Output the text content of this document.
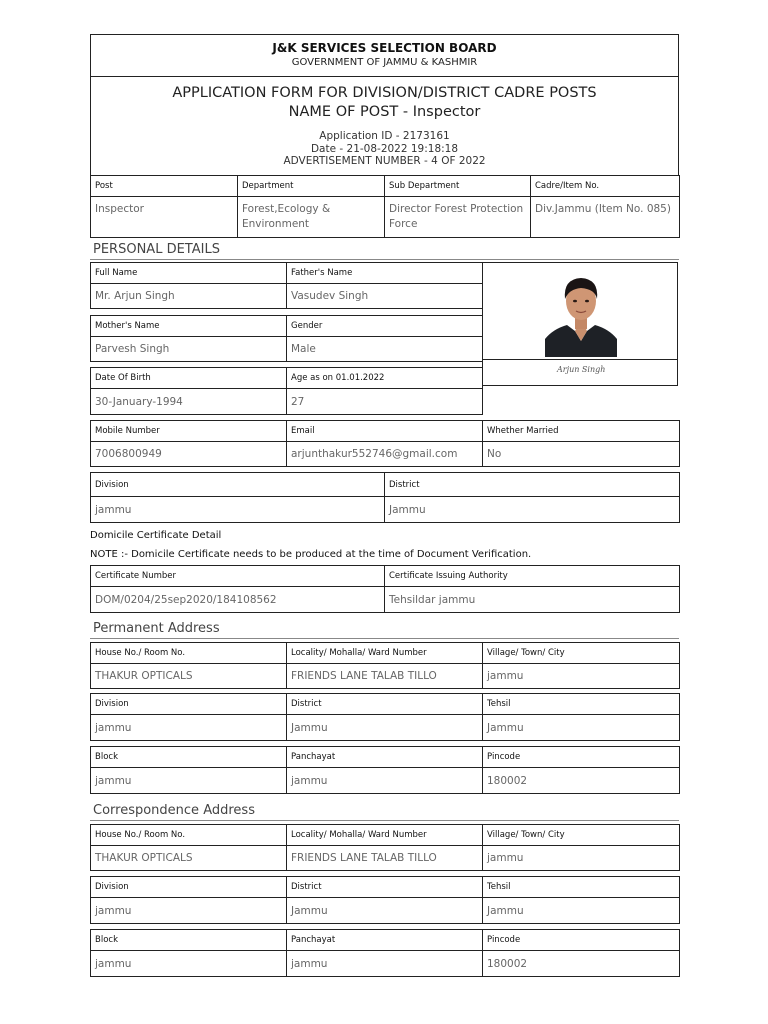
J&K SERVICES SELECTION BOARD
GOVERNMENT OF JAMMU & KASHMIR
APPLICATION FORM FOR DIVISION/DISTRICT CADRE POSTS
NAME OF POST - Inspector
Application ID - 2173161
Date - 21-08-2022 19:18:18
ADVERTISEMENT NUMBER - 4 OF 2022
Post	Department	Sub Department	Cadre/Item No.
Inspector	Forest,Ecology & Environment	Director Forest Protection Force	Div.Jammu (Item No. 085)
PERSONAL DETAILS
Full Name	Father's Name
Mr. Arjun Singh	Vasudev Singh
Mother's Name	Gender
Parvesh Singh	Male
Date Of Birth	Age as on 01.01.2022
30-January-1994	27
Arjun Singh
Mobile Number	Email	Whether Married
7006800949	arjunthakur552746@gmail.com	No
Division	District
jammu	Jammu
Domicile Certificate Detail
NOTE :- Domicile Certificate needs to be produced at the time of Document Verification.
Certificate Number	Certificate Issuing Authority
DOM/0204/25sep2020/184108562	Tehsildar jammu
Permanent Address
House No./ Room No.	Locality/ Mohalla/ Ward Number	Village/ Town/ City
THAKUR OPTICALS	FRIENDS LANE TALAB TILLO	jammu
Division	District	Tehsil
jammu	Jammu	Jammu
Block	Panchayat	Pincode
jammu	jammu	180002
Correspondence Address
House No./ Room No.	Locality/ Mohalla/ Ward Number	Village/ Town/ City
THAKUR OPTICALS	FRIENDS LANE TALAB TILLO	jammu
Division	District	Tehsil
jammu	Jammu	Jammu
Block	Panchayat	Pincode
jammu	jammu	180002
